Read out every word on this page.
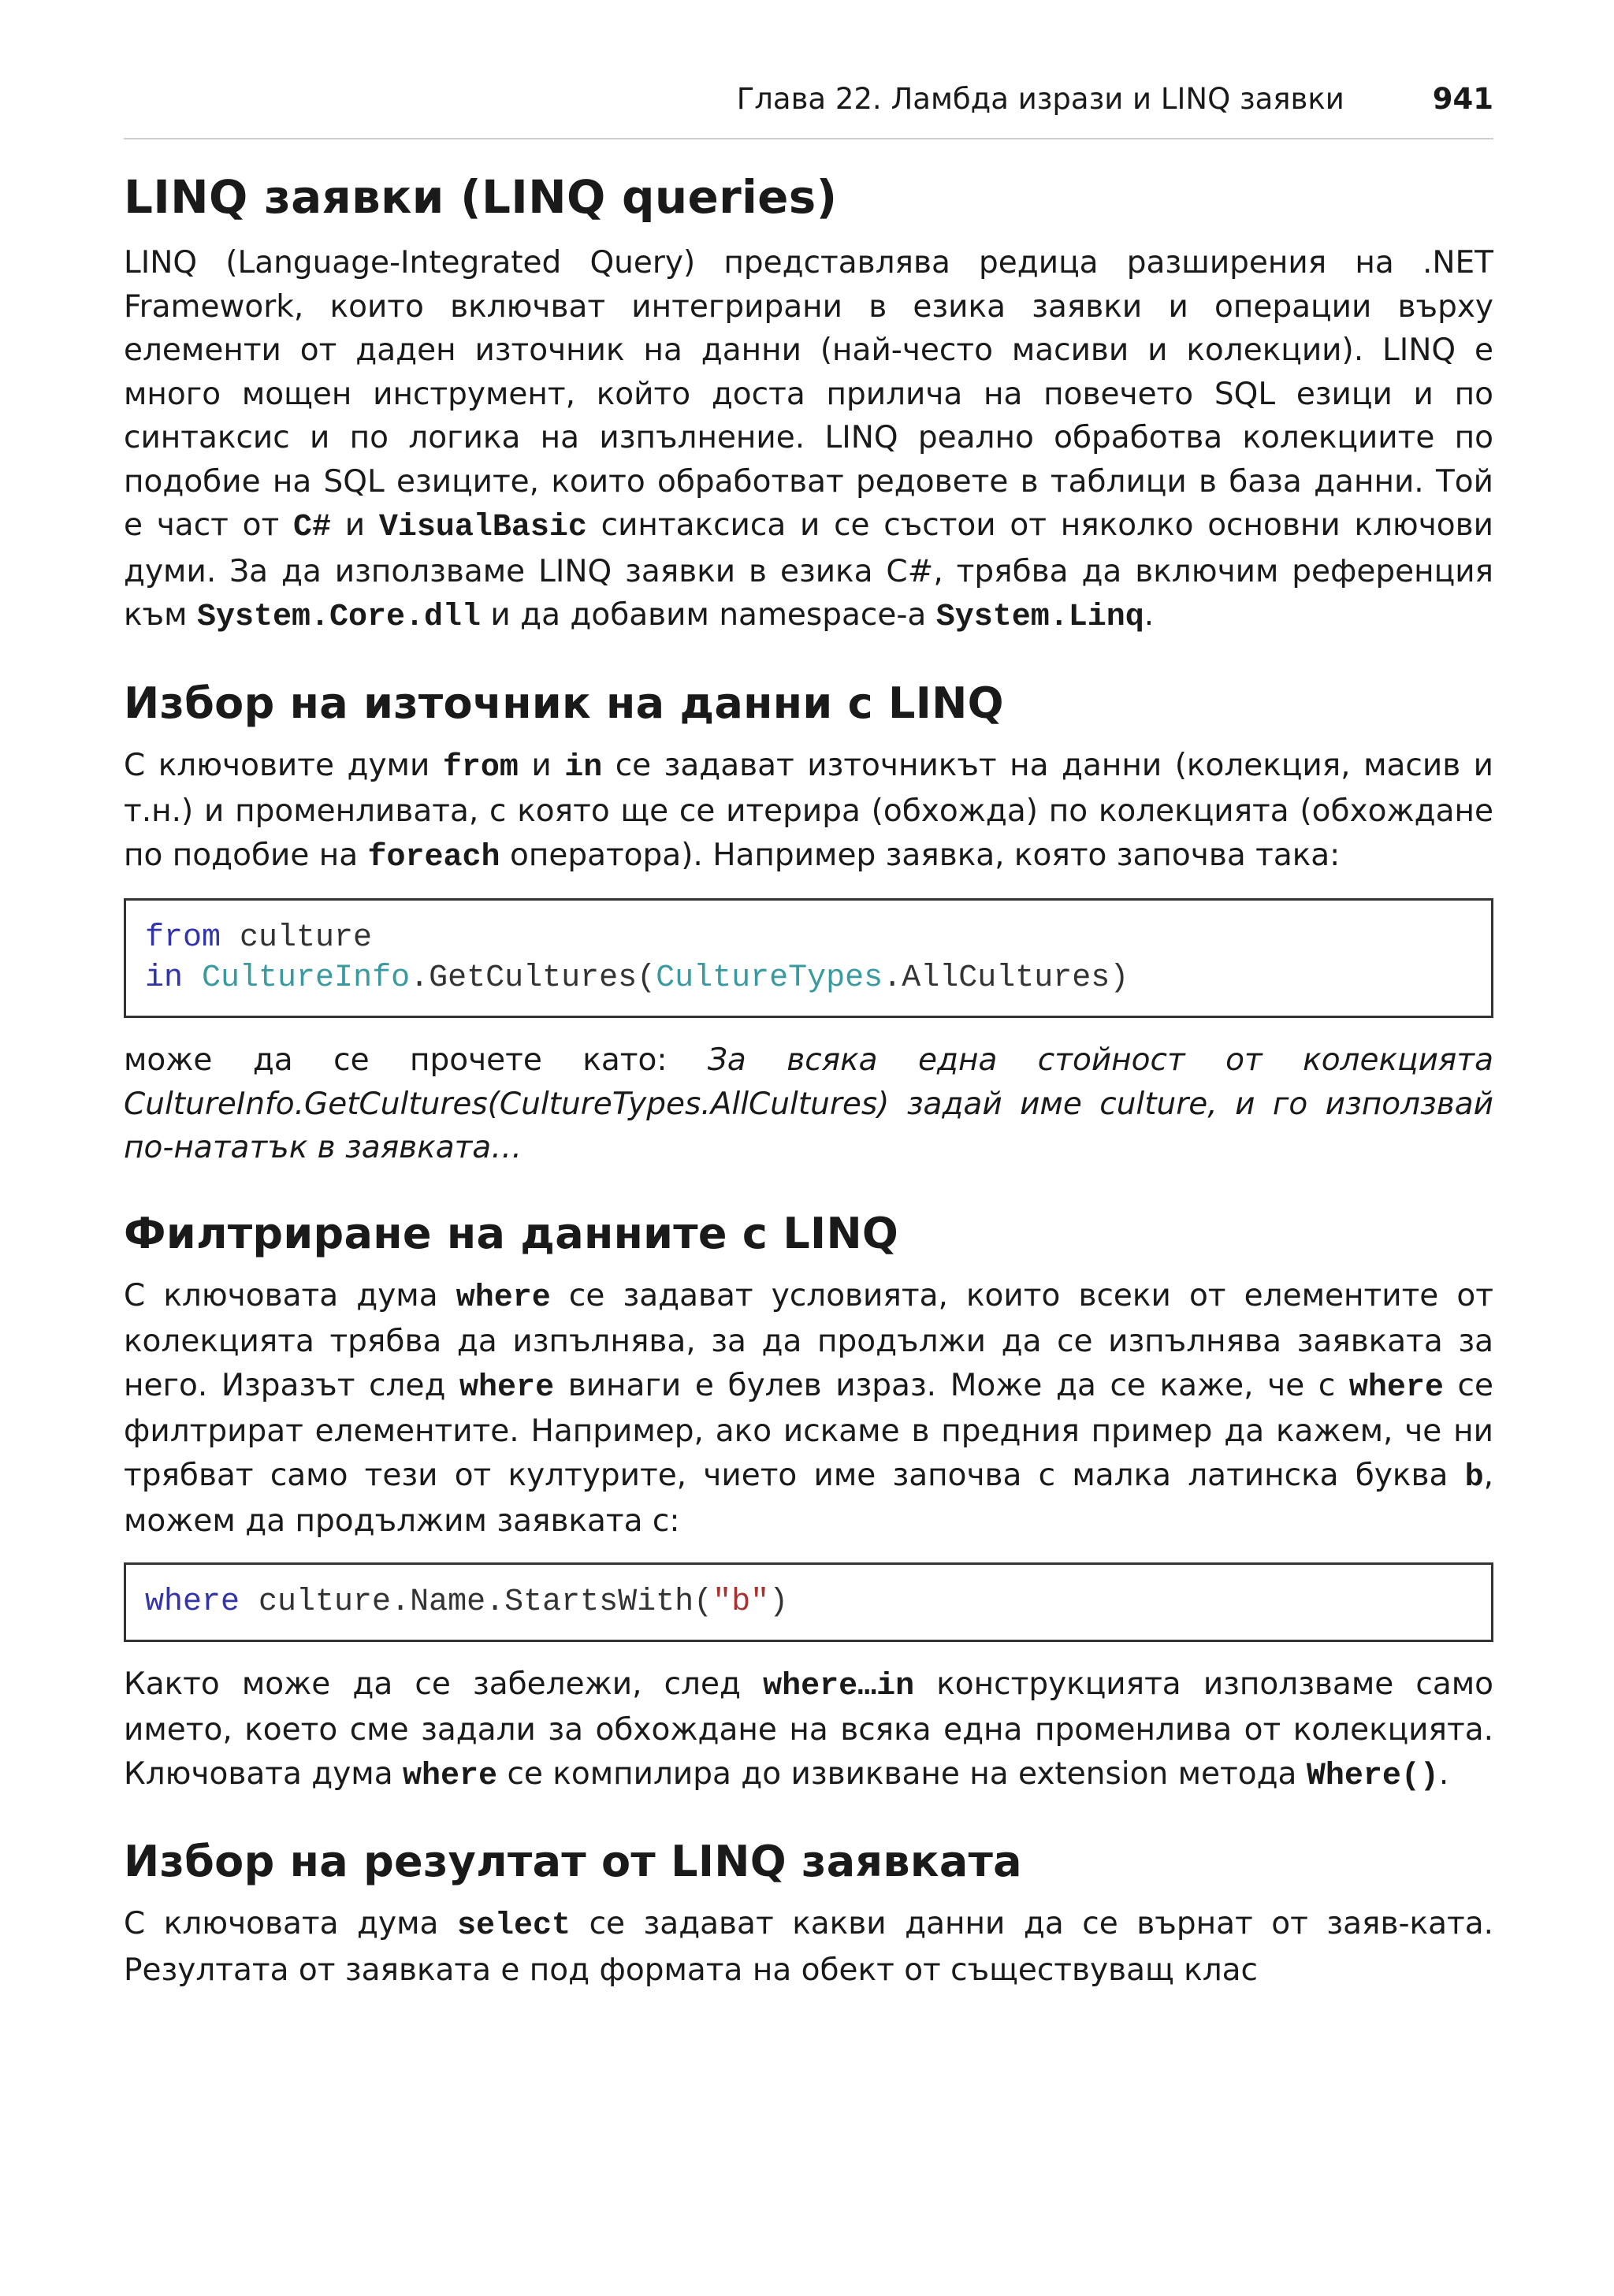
Глава 22. Ламбда изрази и LINQ заявки	941
LINQ заявки (LINQ queries)

LINQ (Language-Integrated Query) представлява редица разширения на .NET Framework, които включват интегрирани в езика заявки и операции върху елементи от даден източник на данни (най-често масиви и колекции). LINQ е много мощен инструмент, който доста прилича на повечето SQL езици и по синтаксис и по логика на изпълнение. LINQ реално обработва колекциите по подобие на SQL езиците, които обработват редовете в таблици в база данни. Той е част от C# и VisualBasic синтаксиса и се състои от няколко основни ключови думи. За да използваме LINQ заявки в езика C#, трябва да включим референция към System.Core.dll и да добавим namespace-а System.Linq.

Избор на източник на данни с LINQ

С ключовите думи from и in се задават източникът на данни (колекция, масив и т.н.) и променливата, с която ще се итерира (обхожда) по колекцията (обхождане по подобие на foreach оператора). Например заявка, която започва така:

from culture
in CultureInfo.GetCultures(CultureTypes.AllCultures)

може да се прочете като: За всяка една стойност от колекцията CultureInfo.GetCultures(CultureTypes.AllCultures) задай име culture, и го използвай по-нататък в заявката…

Филтриране на данните с LINQ

С ключовата дума where се задават условията, които всеки от елементите от колекцията трябва да изпълнява, за да продължи да се изпълнява заявката за него. Изразът след where винаги е булев израз. Може да се каже, че с where се филтрират елементите. Например, ако искаме в предния пример да кажем, че ни трябват само тези от културите, чието име започва с малка латинска буква b, можем да продължим заявката с:

where culture.Name.StartsWith("b")

Както може да се забележи, след where…in конструкцията използваме само името, което сме задали за обхождане на всяка една променлива от колекцията. Ключовата дума where се компилира до извикване на extension метода Where().

Избор на резултат от LINQ заявката

С ключовата дума select се задават какви данни да се върнат от заяв-ката. Резултата от заявката е под формата на обект от съществуващ клас
